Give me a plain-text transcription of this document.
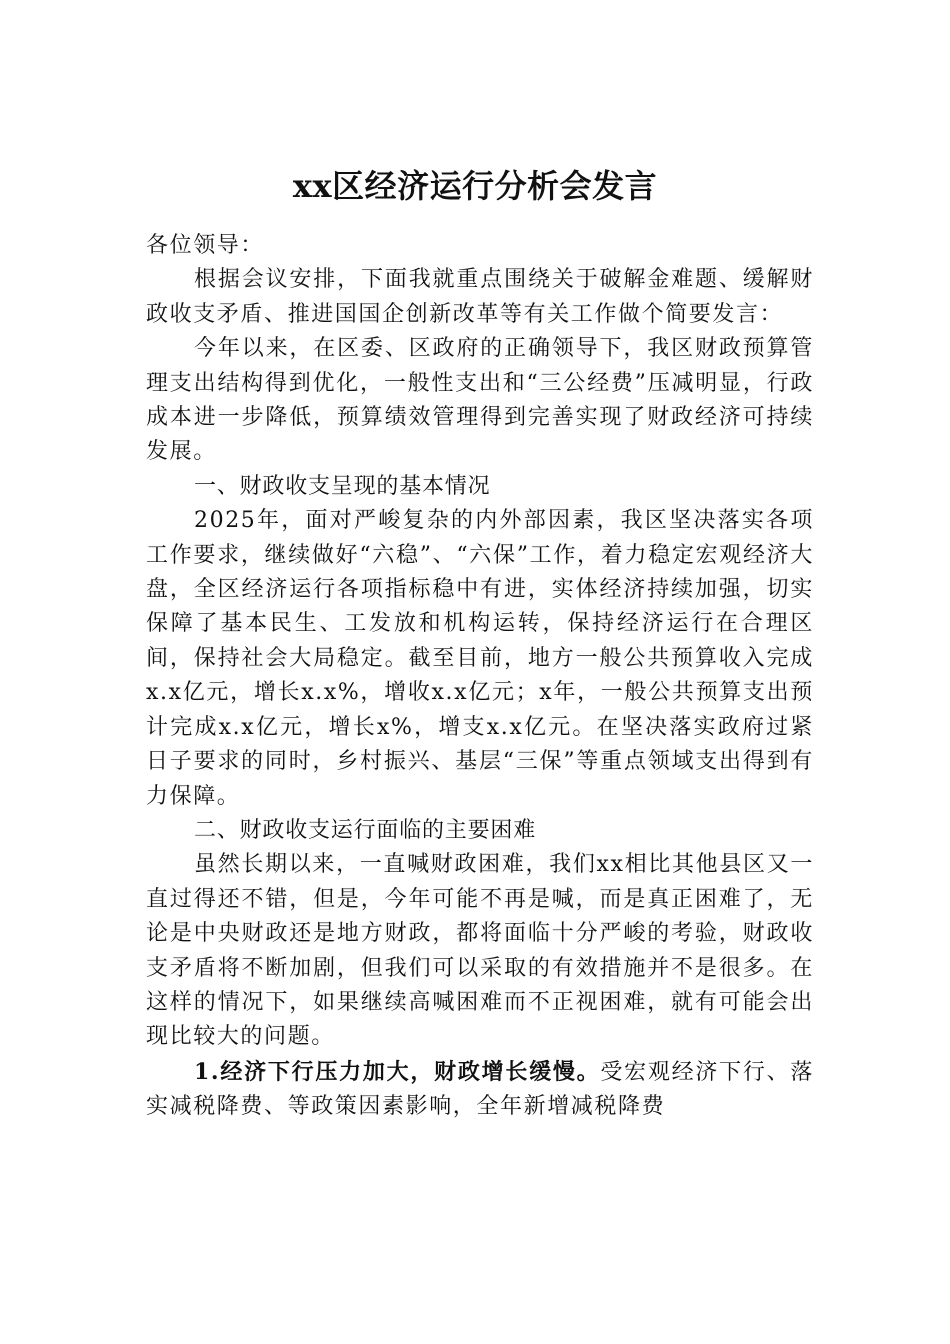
xx区经济运行分析会发言

各位领导：

根据会议安排，下面我就重点围绕关于破解金难题、缓解财政收支矛盾、推进国国企创新改革等有关工作做个简要发言：

今年以来，在区委、区政府的正确领导下，我区财政预算管理支出结构得到优化，一般性支出和“三公经费”压减明显，行政成本进一步降低，预算绩效管理得到完善实现了财政经济可持续发展。

一、财政收支呈现的基本情况

2025年，面对严峻复杂的内外部因素，我区坚决落实各项工作要求，继续做好“六稳”、“六保”工作，着力稳定宏观经济大盘，全区经济运行各项指标稳中有进，实体经济持续加强，切实保障了基本民生、工发放和机构运转，保持经济运行在合理区间，保持社会大局稳定。截至目前，地方一般公共预算收入完成x.x亿元，增长x.x%，增收x.x亿元；x年，一般公共预算支出预计完成x.x亿元，增长x%，增支x.x亿元。在坚决落实政府过紧日子要求的同时，乡村振兴、基层“三保”等重点领域支出得到有力保障。

二、财政收支运行面临的主要困难

虽然长期以来，一直喊财政困难，我们xx相比其他县区又一直过得还不错，但是，今年可能不再是喊，而是真正困难了，无论是中央财政还是地方财政，都将面临十分严峻的考验，财政收支矛盾将不断加剧，但我们可以采取的有效措施并不是很多。在这样的情况下，如果继续高喊困难而不正视困难，就有可能会出现比较大的问题。

1.经济下行压力加大，财政增长缓慢。受宏观经济下行、落实减税降费、等政策因素影响，全年新增减税降费
